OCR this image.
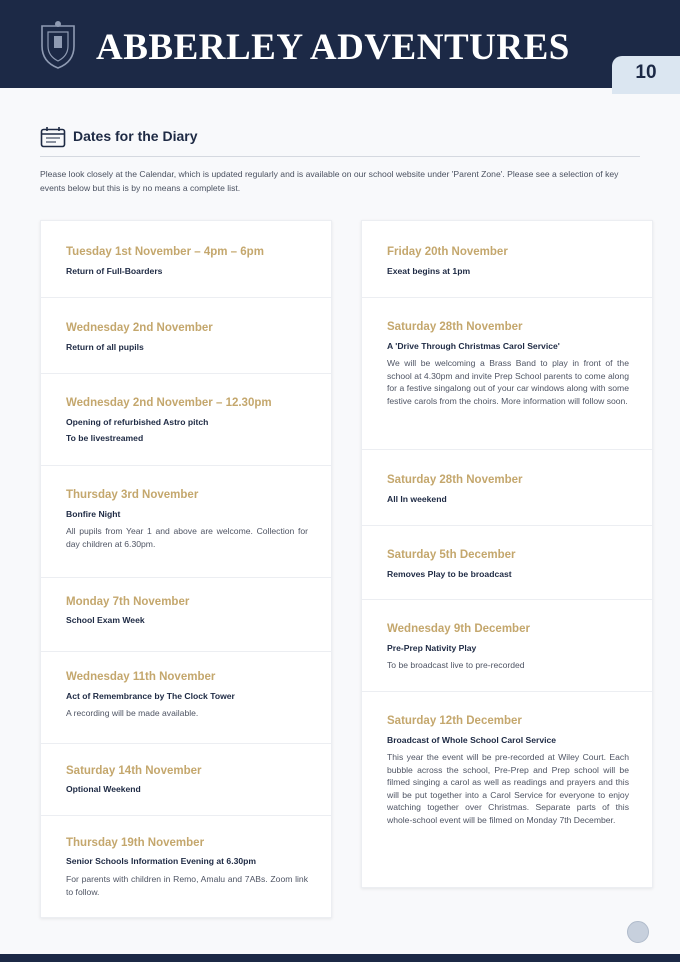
ABBERLEY ADVENTURES
10
Dates for the Diary
Please look closely at the Calendar, which is updated regularly and is available on our school website under 'Parent Zone'. Please see a selection of key events below but this is by no means a complete list.
Tuesday 1st November – 4pm – 6pm
Return of Full-Boarders
Wednesday 2nd November
Return of all pupils
Wednesday 2nd November – 12.30pm
Opening of refurbished Astro pitch
To be livestreamed
Thursday 3rd November
Bonfire Night
All pupils from Year 1 and above are welcome. Collection for day children at 6.30pm.
Monday 7th November
School Exam Week
Wednesday 11th November
Act of Remembrance by The Clock Tower
A recording will be made available.
Saturday 14th November
Optional Weekend
Thursday 19th November
Senior Schools Information Evening at 6.30pm
For parents with children in Remo, Amalu and 7ABs. Zoom link to follow.
Friday 20th November
Exeat begins at 1pm
Saturday 28th November
A 'Drive Through Christmas Carol Service'
We will be welcoming a Brass Band to play in front of the school at 4.30pm and invite Prep School parents to come along for a festive singalong out of your car windows along with some festive carols from the choirs. More information will follow soon.
Saturday 28th November
All In weekend
Saturday 5th December
Removes Play to be broadcast
Wednesday 9th December
Pre-Prep Nativity Play
To be broadcast live to pre-recorded
Saturday 12th December
Broadcast of Whole School Carol Service
This year the event will be pre-recorded at Wiley Court. Each bubble across the school, Pre-Prep and Prep school will be filmed singing a carol as well as readings and prayers and this will be put together into a Carol Service for everyone to enjoy watching together over Christmas. Separate parts of this whole-school event will be filmed on Monday 7th December.
